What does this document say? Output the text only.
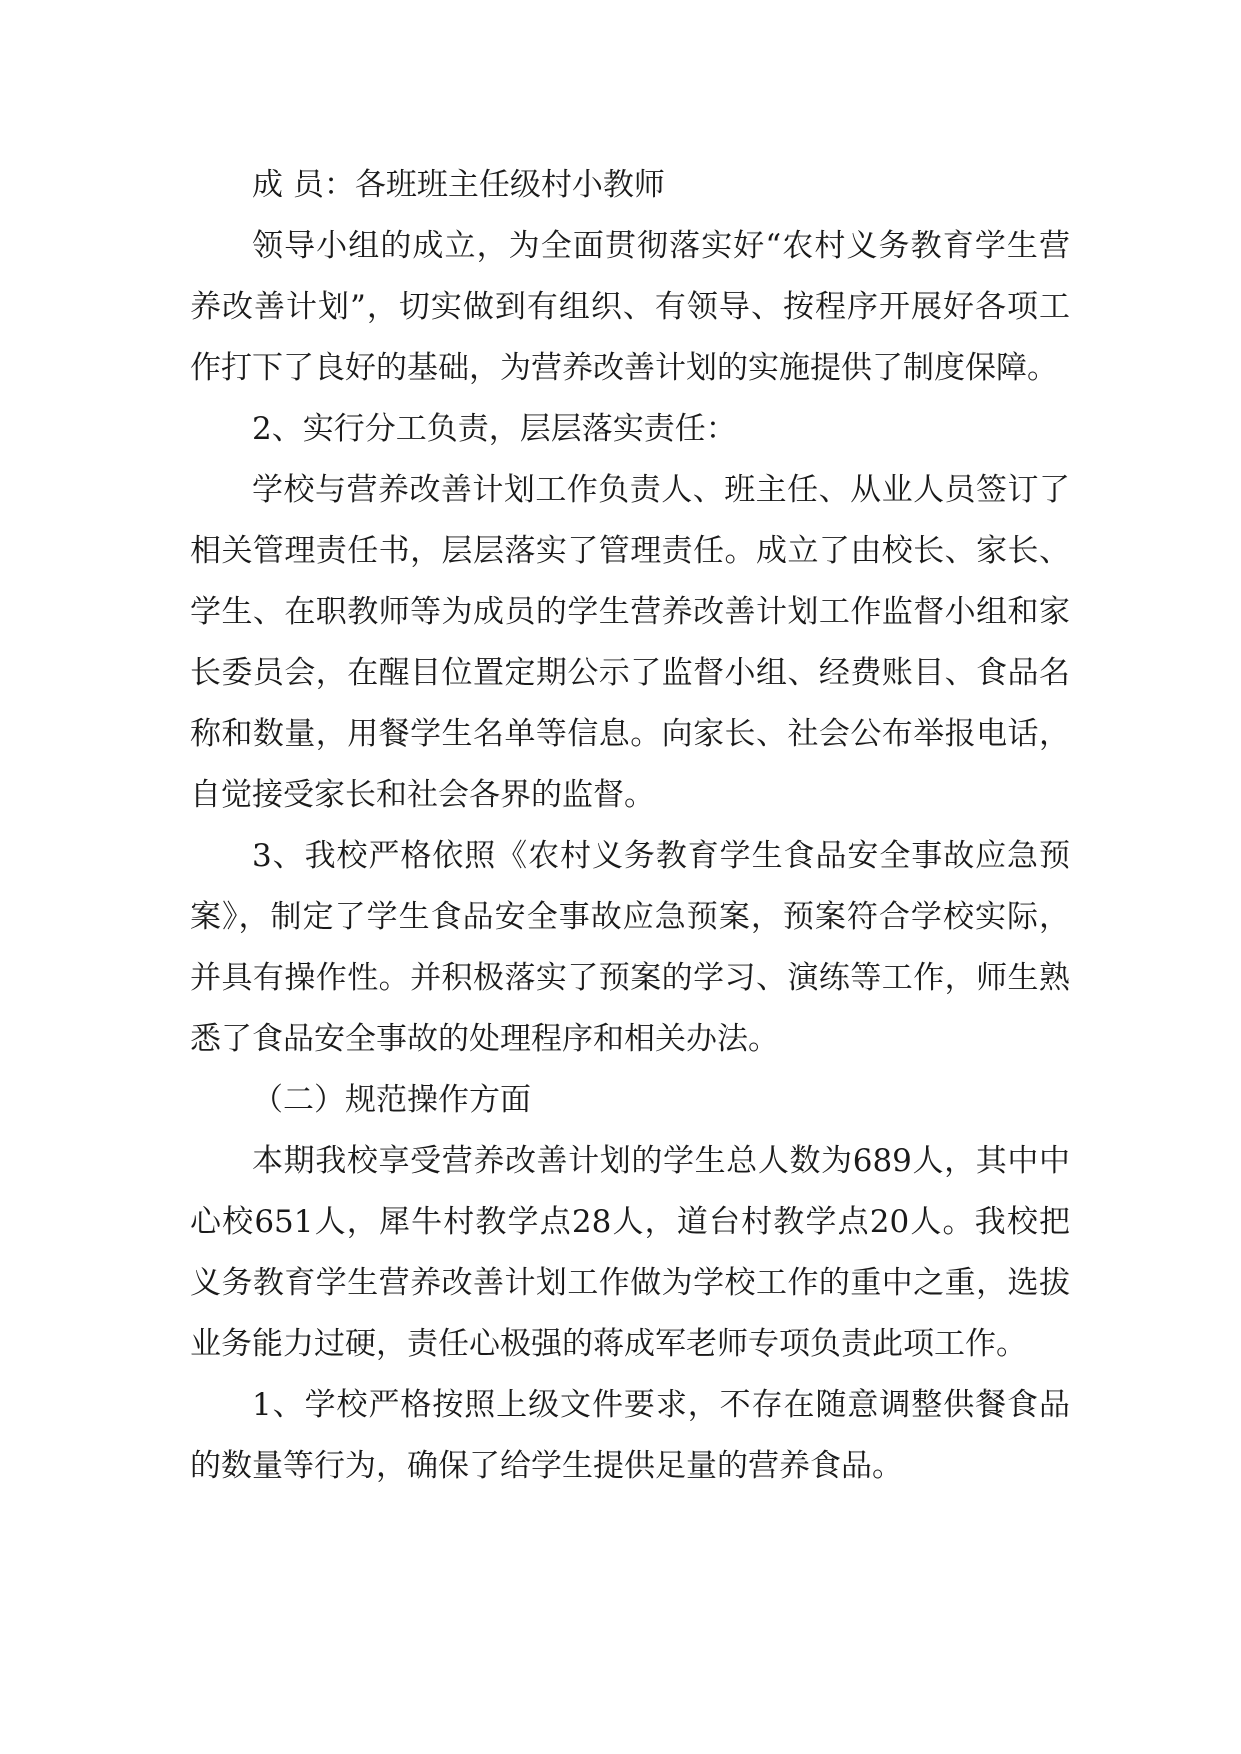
成 员：各班班主任级村小教师

领导小组的成立，为全面贯彻落实好“农村义务教育学生营养改善计划”，切实做到有组织、有领导、按程序开展好各项工作打下了良好的基础，为营养改善计划的实施提供了制度保障。

2、实行分工负责，层层落实责任：

学校与营养改善计划工作负责人、班主任、从业人员签订了相关管理责任书，层层落实了管理责任。成立了由校长、家长、学生、在职教师等为成员的学生营养改善计划工作监督小组和家长委员会，在醒目位置定期公示了监督小组、经费账目、食品名称和数量，用餐学生名单等信息。向家长、社会公布举报电话，自觉接受家长和社会各界的监督。

3、我校严格依照《农村义务教育学生食品安全事故应急预案》，制定了学生食品安全事故应急预案，预案符合学校实际，并具有操作性。并积极落实了预案的学习、演练等工作，师生熟悉了食品安全事故的处理程序和相关办法。

（二）规范操作方面

本期我校享受营养改善计划的学生总人数为689人，其中中心校651人，犀牛村教学点28人，道台村教学点20人。我校把义务教育学生营养改善计划工作做为学校工作的重中之重，选拔业务能力过硬，责任心极强的蒋成军老师专项负责此项工作。

1、学校严格按照上级文件要求，不存在随意调整供餐食品的数量等行为，确保了给学生提供足量的营养食品。
